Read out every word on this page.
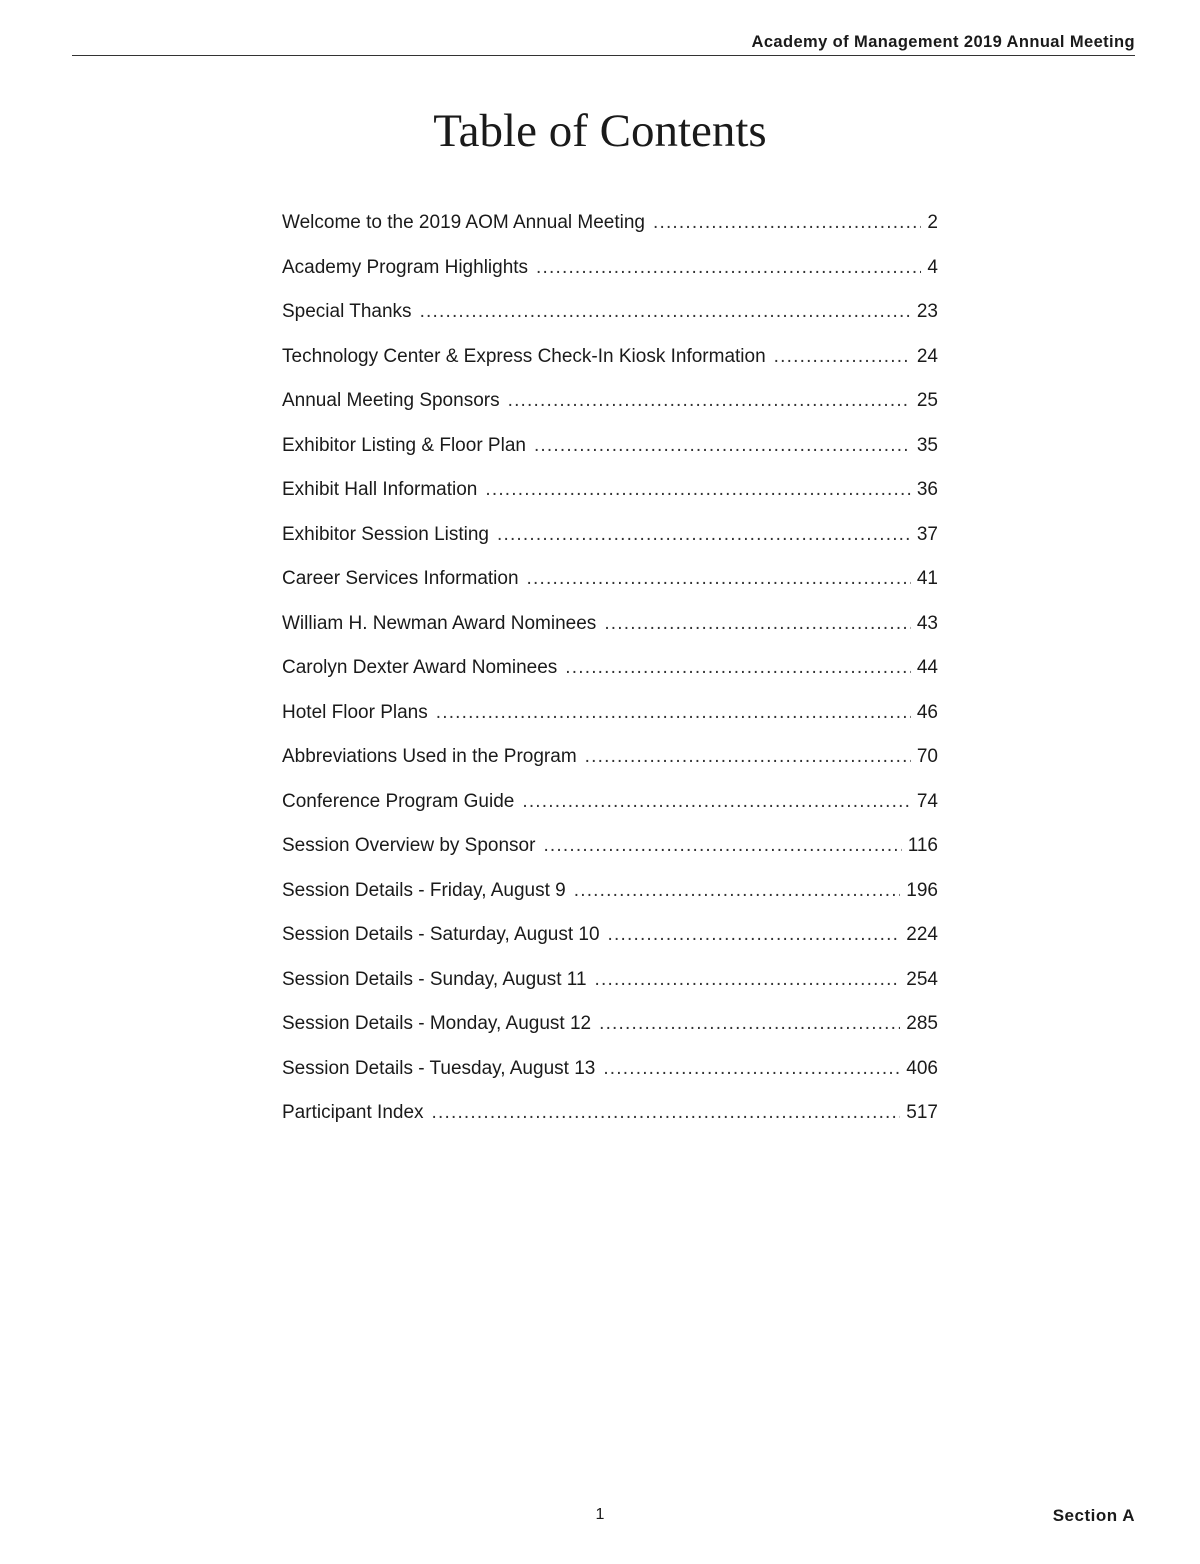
Academy of Management 2019 Annual Meeting
Table of Contents
Welcome to the 2019 AOM Annual Meeting .....	2
Academy Program Highlights .....	4
Special Thanks .....	23
Technology Center & Express Check-In Kiosk Information .....	24
Annual Meeting Sponsors .....	25
Exhibitor Listing & Floor Plan .....	35
Exhibit Hall Information .....	36
Exhibitor Session Listing .....	37
Career Services Information .....	41
William H. Newman Award Nominees .....	43
Carolyn Dexter Award Nominees .....	44
Hotel Floor Plans .....	46
Abbreviations Used in the Program .....	70
Conference Program Guide .....	74
Session Overview by Sponsor .....	116
Session Details - Friday, August 9 .....	196
Session Details - Saturday, August 10 .....	224
Session Details - Sunday, August 11 .....	254
Session Details - Monday, August 12 .....	285
Session Details - Tuesday, August 13 .....	406
Participant Index .....	517
1	Section A
